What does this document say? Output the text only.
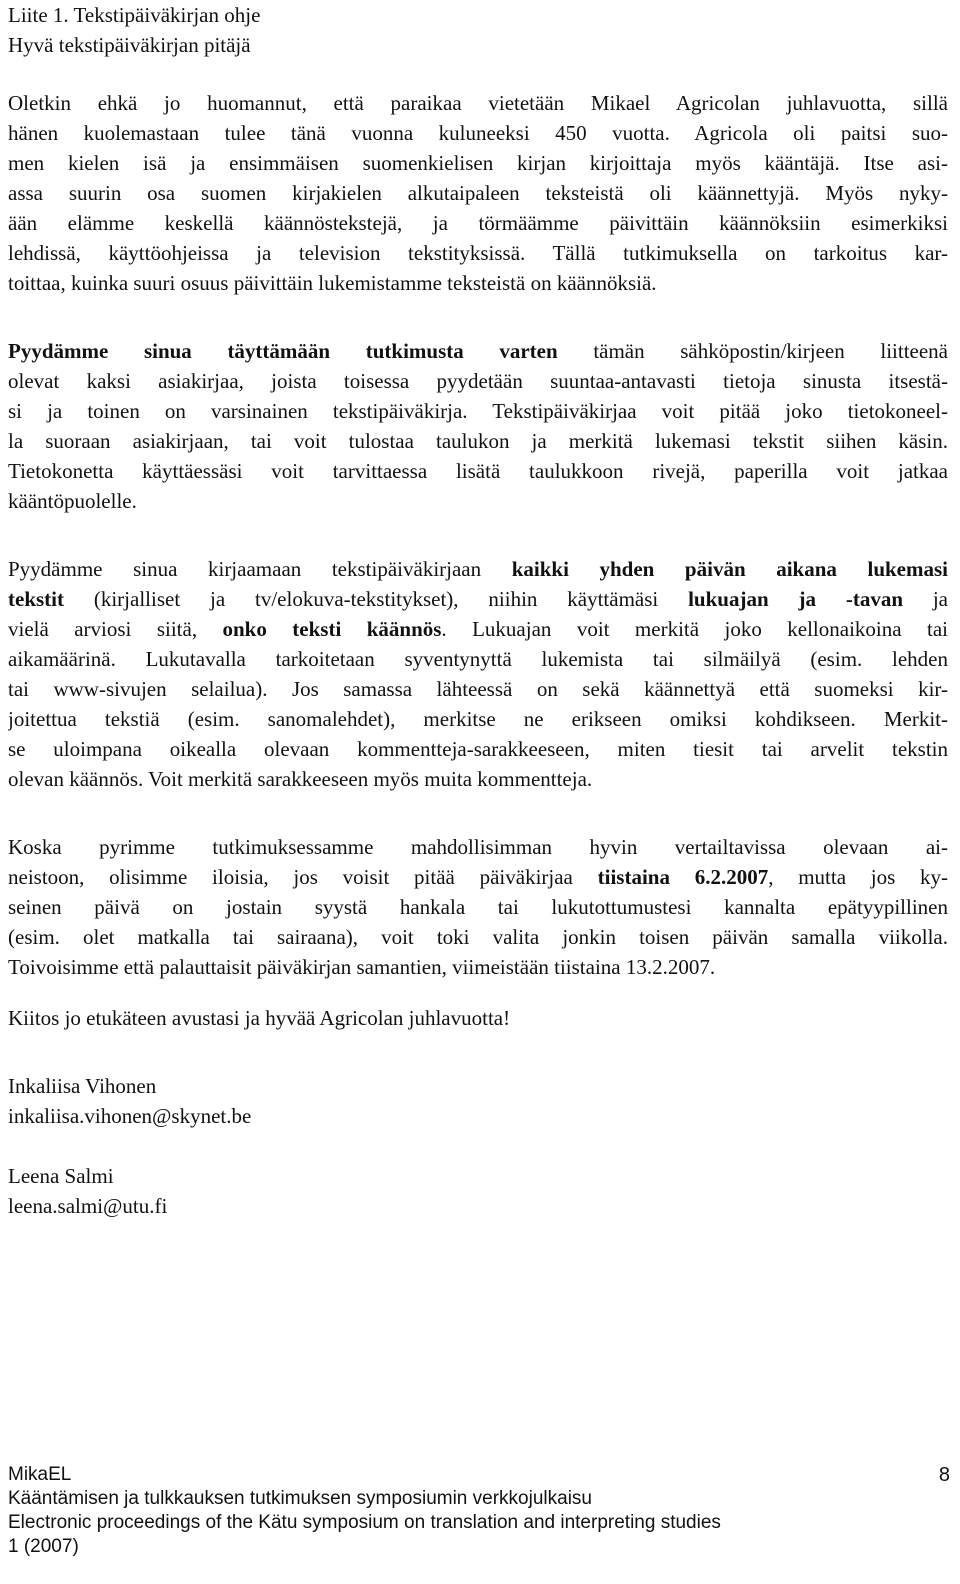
Liite 1. Tekstipäiväkirjan ohje
Hyvä tekstipäiväkirjan pitäjä
Oletkin ehkä jo huomannut, että paraikaa vietetään Mikael Agricolan juhlavuotta, sillä
hänen kuolemastaan tulee tänä vuonna kuluneeksi 450 vuotta. Agricola oli paitsi suo-
men kielen isä ja ensimmäisen suomenkielisen kirjan kirjoittaja myös kääntäjä. Itse asi-
assa suurin osa suomen kirjakielen alkutaipaleen teksteistä oli käännettyjä. Myös nyky-
ään elämme keskellä käännöstekstejä, ja törmäämme päivittäin käännöksiin esimerkiksi
lehdissä, käyttöohjeissa ja television tekstityksissä. Tällä tutkimuksella on tarkoitus kar-
toittaa, kuinka suuri osuus päivittäin lukemistamme teksteistä on käännöksiä.
Pyydämme sinua täyttämään tutkimusta varten tämän sähköpostin/kirjeen liitteenä
olevat kaksi asiakirjaa, joista toisessa pyydetään suuntaa-antavasti tietoja sinusta itsestä-
si ja toinen on varsinainen tekstipäiväkirja. Tekstipäiväkirjaa voit pitää joko tietokoneel-
la suoraan asiakirjaan, tai voit tulostaa taulukon ja merkitä lukemasi tekstit siihen käsin.
Tietokonetta käyttäessäsi voit tarvittaessa lisätä taulukkoon rivejä, paperilla voit jatkaa
kääntöpuolelle.
Pyydämme sinua kirjaamaan tekstipäiväkirjaan kaikki yhden päivän aikana lukemasi
tekstit (kirjalliset ja tv/elokuva-tekstitykset), niihin käyttämäsi lukuajan ja -tavan ja
vielä arviosi siitä, onko teksti käännös. Lukuajan voit merkitä joko kellonaikoina tai
aikamäärinä. Lukutavalla tarkoitetaan syventynyttä lukemista tai silmäilyä (esim. lehden
tai www-sivujen selailua). Jos samassa lähteessä on sekä käännettyä että suomeksi kir-
joitettua tekstiä (esim. sanomalehdet), merkitse ne erikseen omiksi kohdikseen. Merkit-
se uloimpana oikealla olevaan kommentteja-sarakkeeseen, miten tiesit tai arvelit tekstin
olevan käännös. Voit merkitä sarakkeeseen myös muita kommentteja.
Koska pyrimme tutkimuksessamme mahdollisimman hyvin vertailtavissa olevaan ai-
neistoon, olisimme iloisia, jos voisit pitää päiväkirjaa tiistaina 6.2.2007, mutta jos ky-
seinen päivä on jostain syystä hankala tai lukutottumustesi kannalta epätyypillinen
(esim. olet matkalla tai sairaana), voit toki valita jonkin toisen päivän samalla viikolla.
Toivoisimme että palauttaisit päiväkirjan samantien, viimeistään tiistaina 13.2.2007.
Kiitos jo etukäteen avustasi ja hyvää Agricolan juhlavuotta!
Inkaliisa Vihonen
inkaliisa.vihonen@skynet.be
Leena Salmi
leena.salmi@utu.fi
MikaEL	8
Kääntämisen ja tulkkauksen tutkimuksen symposiumin verkkojulkaisu
Electronic proceedings of the Kätu symposium on translation and interpreting studies
1 (2007)
